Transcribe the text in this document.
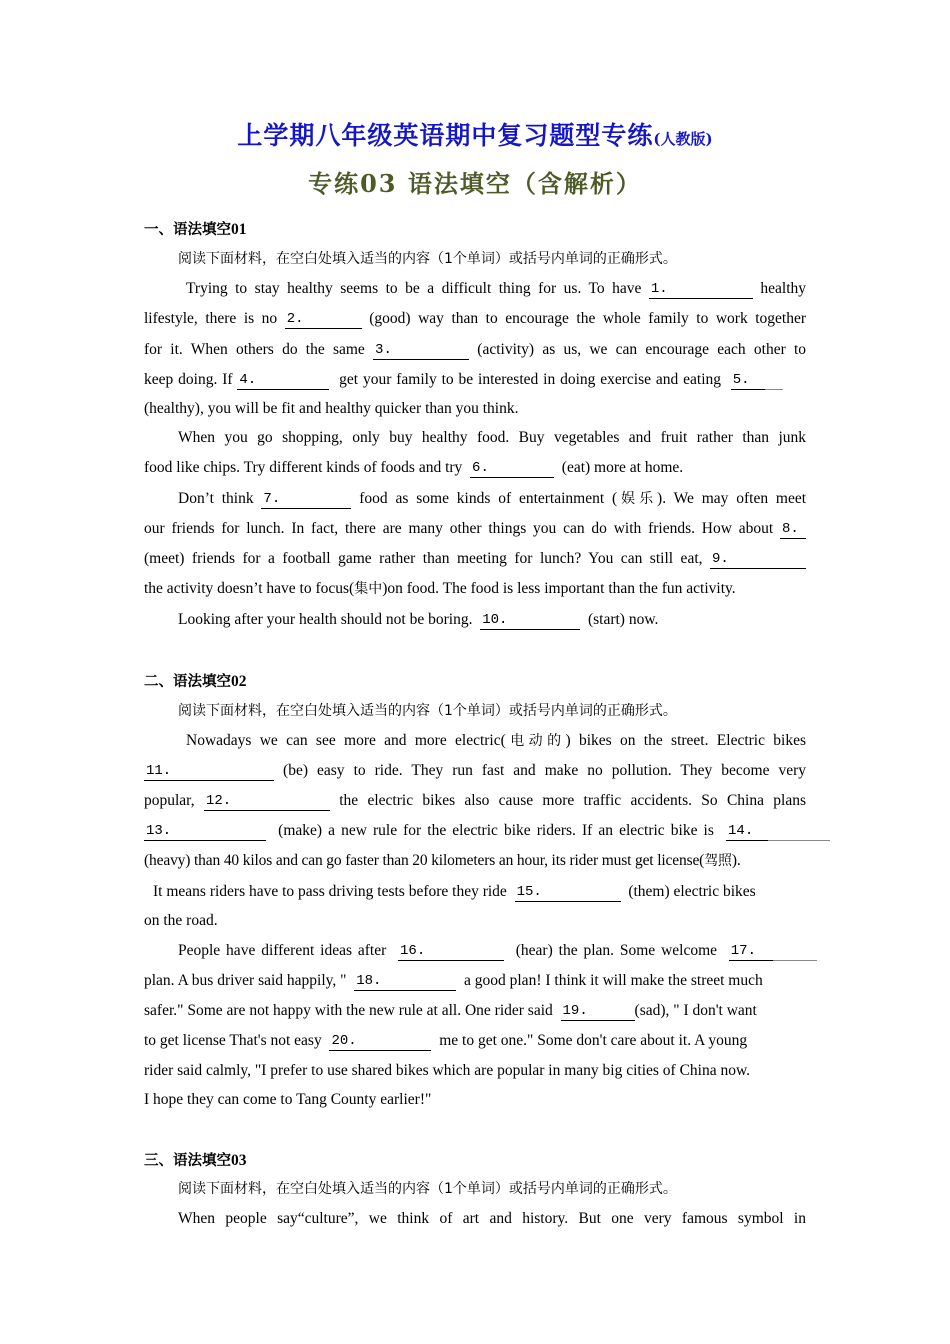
上学期八年级英语期中复习题型专练(人教版)
专练03 语法填空（含解析）
一、语法填空01
阅读下面材料，在空白处填入适当的内容（1个单词）或括号内单词的正确形式。
Trying to stay healthy seems to be a difficult thing for us. To have 1.	healthy
lifestyle, there is no 2.	(good) way than to encourage the whole family to work together
for it. When others do the same 3.	(activity) as us, we can encourage each other to
keep doing. If 4.	get your family to be interested in doing exercise and eating 5.
(healthy), you will be fit and healthy quicker than you think.
When you go shopping, only buy healthy food. Buy vegetables and fruit rather than junk
food like chips. Try different kinds of foods and try 6.	(eat) more at home.
Don’t think 7.	food as some kinds of entertainment (娱乐). We may often meet
our friends for lunch. In fact, there are many other things you can do with friends. How about 8.
(meet) friends for a football game rather than meeting for lunch? You can still eat, 9.
the activity doesn’t have to focus(集中)on food. The food is less important than the fun activity.
Looking after your health should not be boring. 10.	(start) now.
二、语法填空02
阅读下面材料，在空白处填入适当的内容（1个单词）或括号内单词的正确形式。
Nowadays we can see more and more electric(电动的) bikes on the street. Electric bikes
11.	(be) easy to ride. They run fast and make no pollution. They become very
popular, 12.	the electric bikes also cause more traffic accidents. So China plans
13.	(make) a new rule for the electric bike riders. If an electric bike is 14.
(heavy) than 40 kilos and can go faster than 20 kilometers an hour, its rider must get license(驾照).
It means riders have to pass driving tests before they ride 15.	(them) electric bikes
on the road.
People have different ideas after 16.	(hear) the plan. Some welcome 17.
plan. A bus driver said happily, " 18.	a good plan! I think it will make the street much
safer." Some are not happy with the new rule at all. One rider said 19.	(sad), " I don't want
to get license That's not easy 20.	me to get one." Some don't care about it. A young
rider said calmly, "I prefer to use shared bikes which are popular in many big cities of China now.
I hope they can come to Tang County earlier!"
三、语法填空03
阅读下面材料，在空白处填入适当的内容（1个单词）或括号内单词的正确形式。
When people say“culture”, we think of art and history. But one very famous symbol in
